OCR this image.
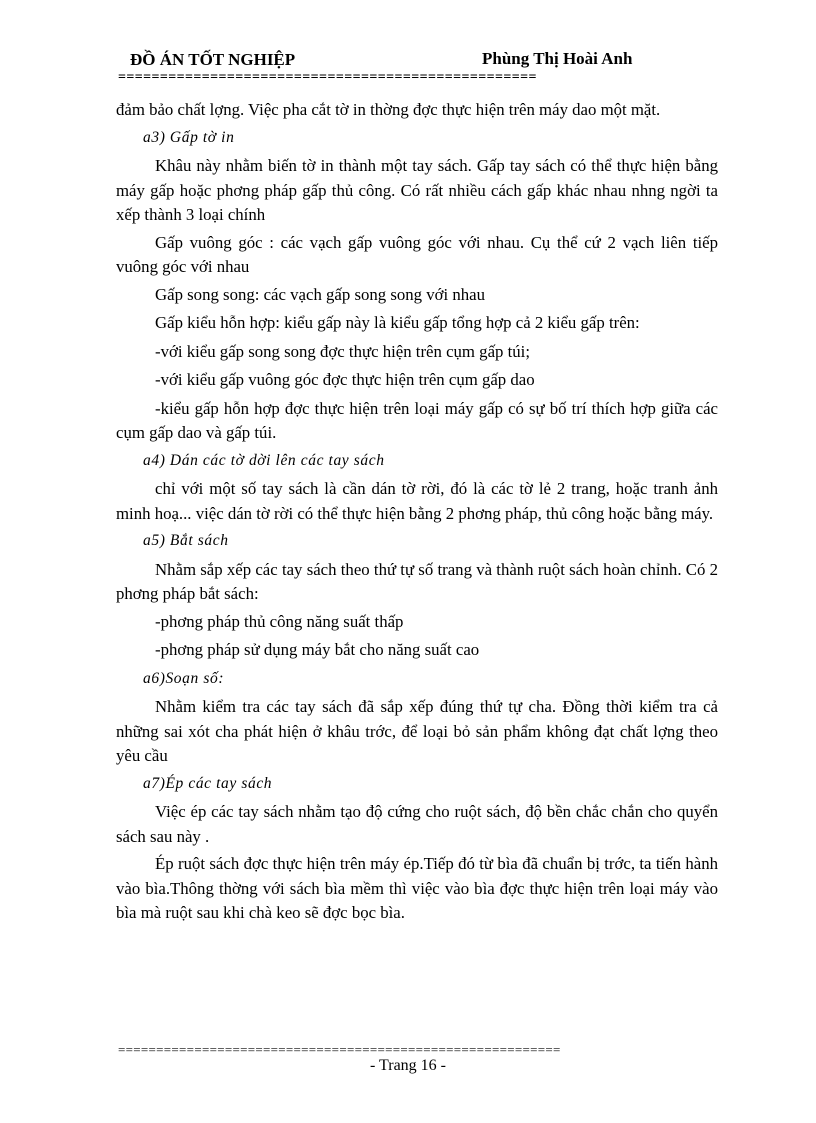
ĐỒ ÁN TỐT NGHIỆP	Phùng Thị Hoài Anh
==================================================

đảm bảo chất lợng. Việc pha cắt tờ in thờng đợc thực hiện trên máy dao một mặt.

a3) Gấp tờ in

Khâu này nhằm biến tờ in thành một tay sách. Gấp tay sách có thể thực hiện bằng máy gấp hoặc phơng pháp gấp thủ công. Có rất nhiều cách gấp khác nhau nhng ngời ta xếp thành 3 loại chính

Gấp vuông góc : các vạch gấp vuông góc với nhau. Cụ thể cứ 2 vạch liên tiếp vuông góc với nhau

Gấp song song: các vạch gấp song song với nhau

Gấp kiểu hỗn hợp: kiểu gấp này là kiểu gấp tổng hợp cả 2 kiểu gấp trên:

-với kiểu gấp song song đợc thực hiện trên cụm gấp túi;

-với kiểu gấp vuông góc đợc thực hiện trên cụm gấp dao

-kiểu gấp hỗn hợp đợc thực hiện trên loại máy gấp có sự bố trí thích hợp giữa các cụm gấp dao và gấp túi.

a4) Dán các tờ dời lên các tay sách

chỉ với một số tay sách là cần dán tờ rời, đó là các tờ lẻ 2 trang, hoặc tranh ảnh minh hoạ... việc dán tờ rời có thể thực hiện bằng 2 phơng pháp, thủ công hoặc bằng máy.

a5) Bắt sách

Nhằm sắp xếp các tay sách theo thứ tự số trang và thành ruột sách hoàn chỉnh. Có 2 phơng pháp bắt sách:

-phơng pháp thủ công năng suất thấp

-phơng pháp sử dụng máy bắt cho năng suất cao

a6)Soạn số:

Nhằm kiểm tra các tay sách đã sắp xếp đúng thứ tự cha. Đồng thời kiểm tra cả những sai xót cha phát hiện ở khâu trớc, để loại bỏ sản phẩm không đạt chất lợng theo yêu cầu

a7)Ép các tay sách

Việc ép các tay sách nhằm tạo độ cứng cho ruột sách, độ bền chắc chắn cho quyển sách sau này .

Ép ruột sách đợc thực hiện trên máy ép.Tiếp đó từ bìa đã chuẩn bị trớc, ta tiến hành vào bìa.Thông thờng với sách bìa mềm thì việc vào bìa đợc thực hiện trên loại máy vào bìa mà ruột sau khi chà keo sẽ đợc bọc bìa.

==========================================================
- Trang 16 -
